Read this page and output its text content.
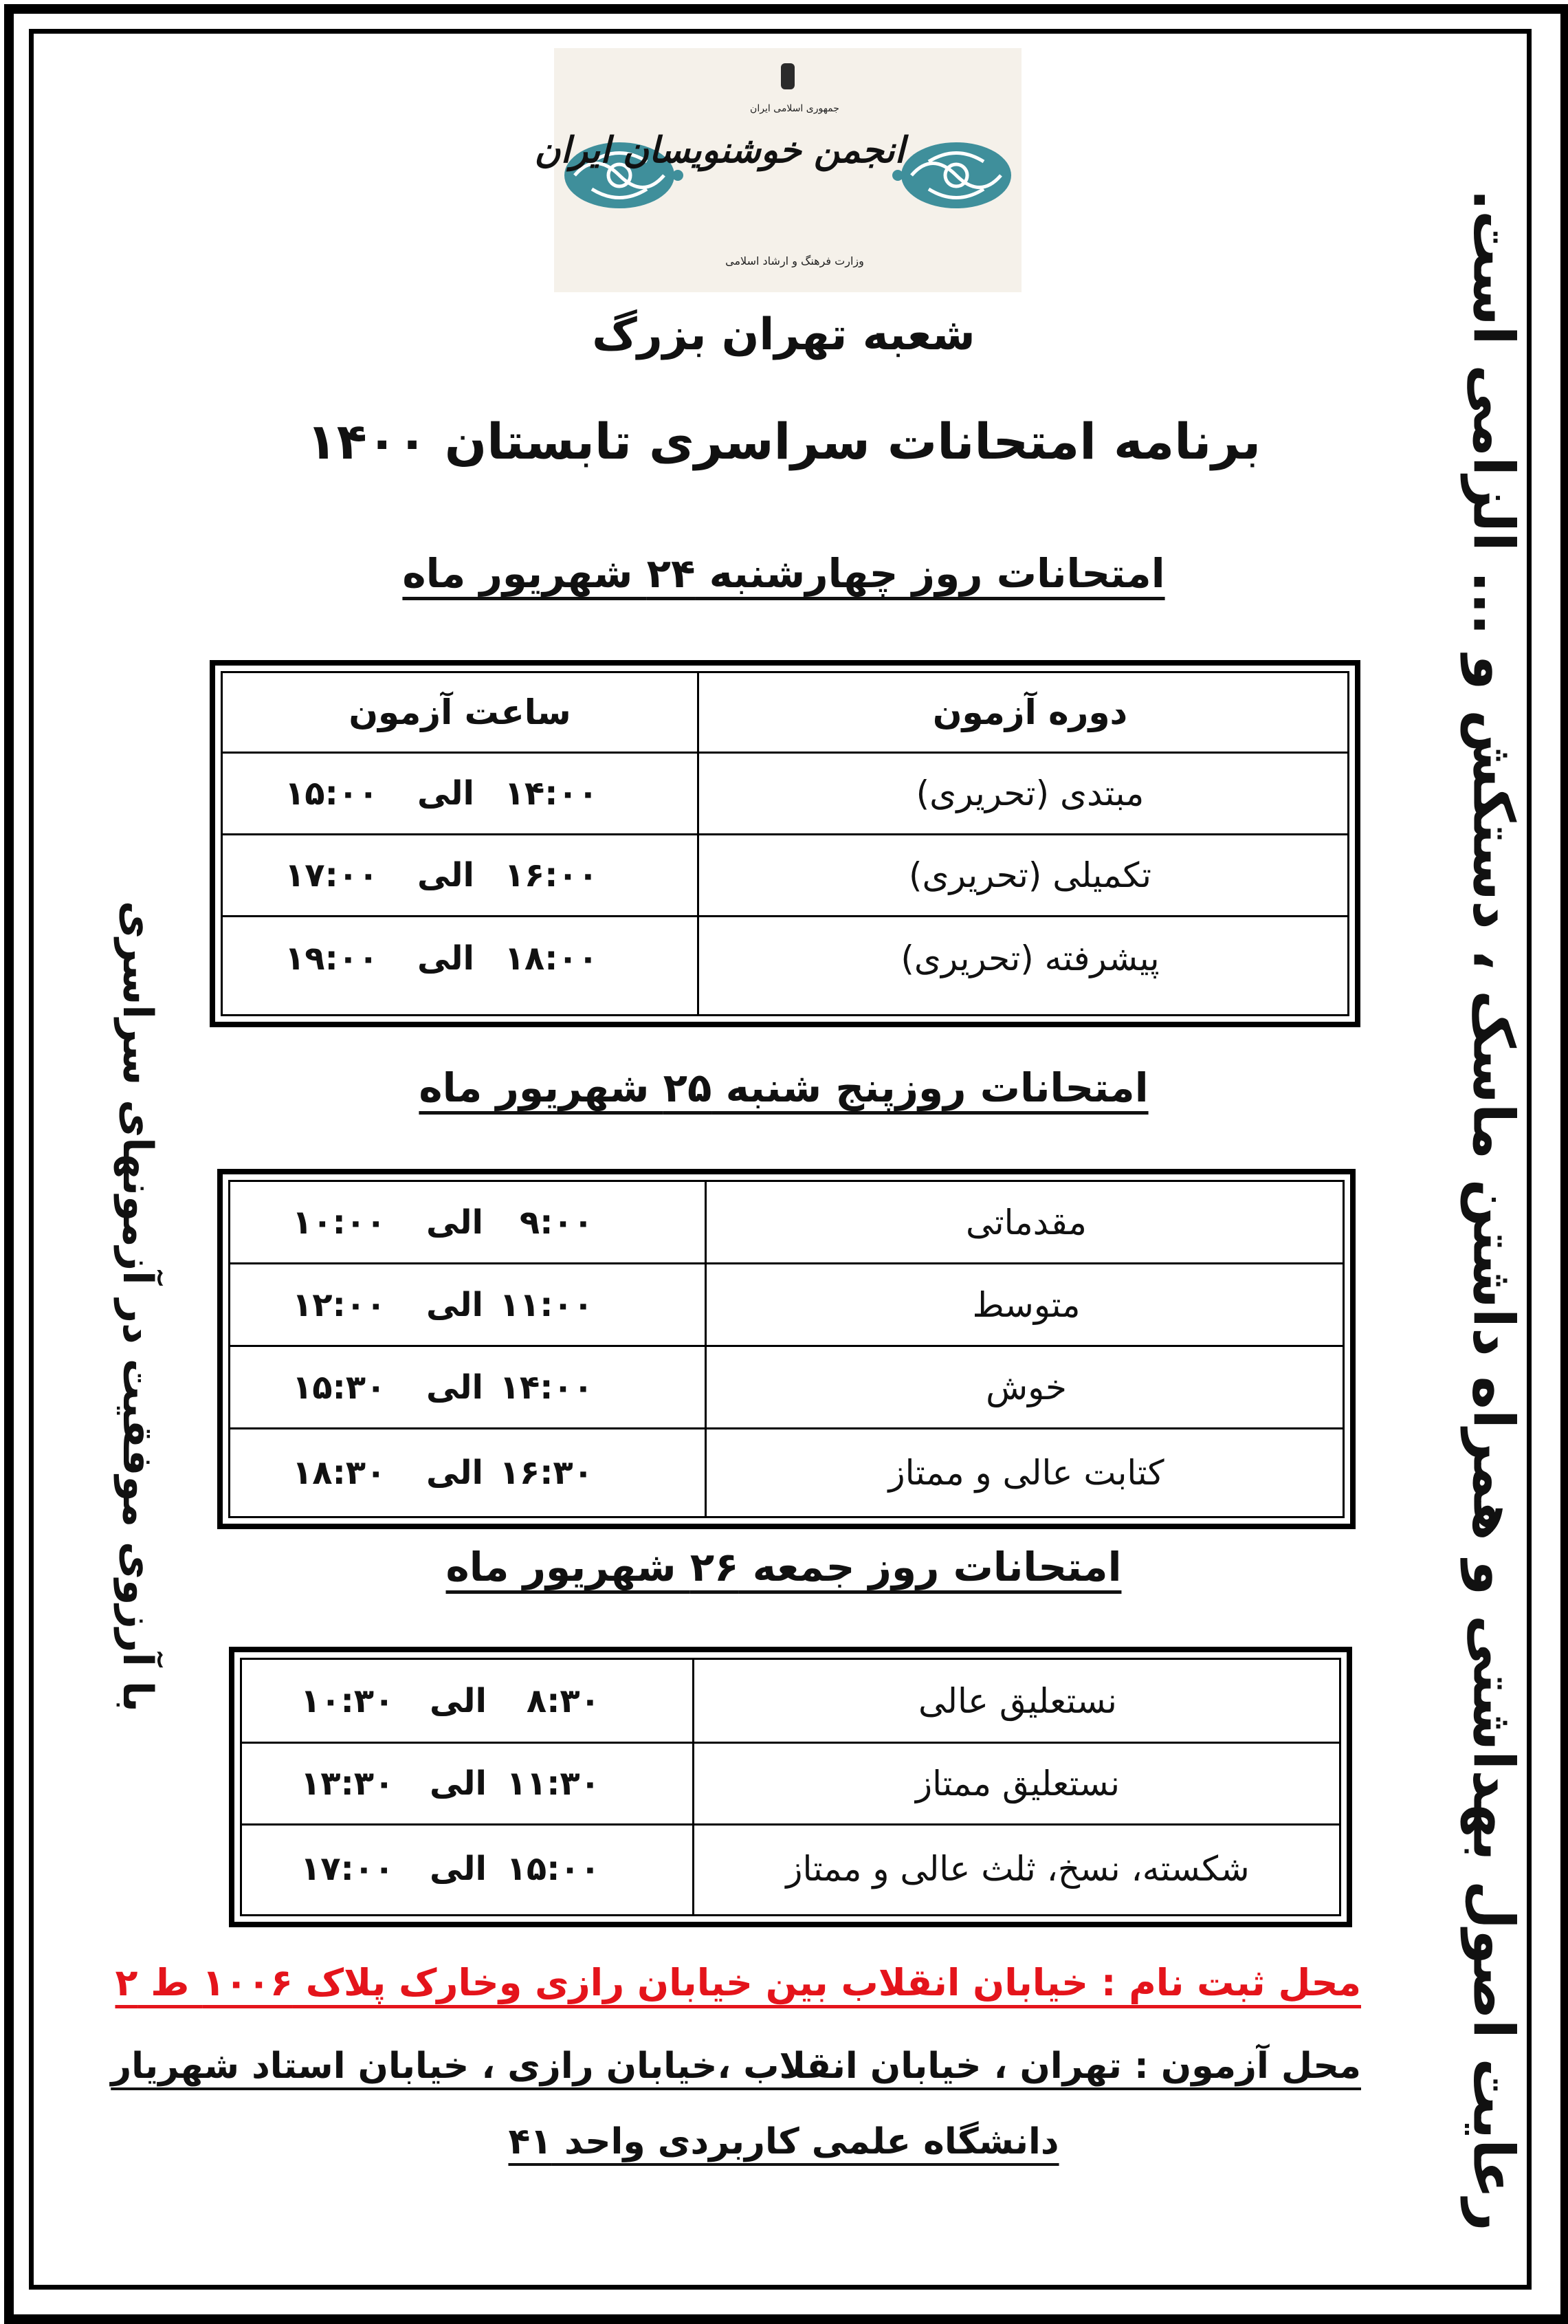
جمهوری اسلامی ایران
انجمن خوشنویسان ایران
وزارت فرهنگ و ارشاد اسلامی
شعبه تهران بزرگ
برنامه امتحانات سراسری تابستان ۱۴۰۰
امتحانات روز چهارشنبه ۲۴ شهریور ماه
دوره آزمون
ساعت آزمون
مبتدی (تحریری)
۱۴:۰۰
الی
۱۵:۰۰
تکمیلی (تحریری)
۱۶:۰۰
الی
۱۷:۰۰
پیشرفته (تحریری)
۱۸:۰۰
الی
۱۹:۰۰
امتحانات روزپنج شنبه ۲۵ شهریور ماه
مقدماتی
۹:۰۰
الی
۱۰:۰۰
متوسط
۱۱:۰۰
الی
۱۲:۰۰
خوش
۱۴:۰۰
الی
۱۵:۳۰
کتابت عالی و ممتاز
۱۶:۳۰
الی
۱۸:۳۰
امتحانات روز جمعه ۲۶ شهریور ماه
نستعلیق عالی
۸:۳۰
الی
۱۰:۳۰
نستعلیق ممتاز
۱۱:۳۰
الی
۱۳:۳۰
شکسته، نسخ، ثلث عالی و ممتاز
۱۵:۰۰
الی
۱۷:۰۰
محل ثبت نام : خیابان انقلاب بین خیابان رازی وخارک پلاک ۱۰۰۶ ط ۲
محل آزمون : تهران ، خیابان انقلاب ،خیابان رازی ، خیابان استاد شهریار
دانشگاه علمی کاربردی واحد ۴۱	رعایت اصول بهداشتی و همراه داشتن ماسک ، دستکش و ... الزامی است.
با آرزوی موفقیت در آزمونهای سراسری
